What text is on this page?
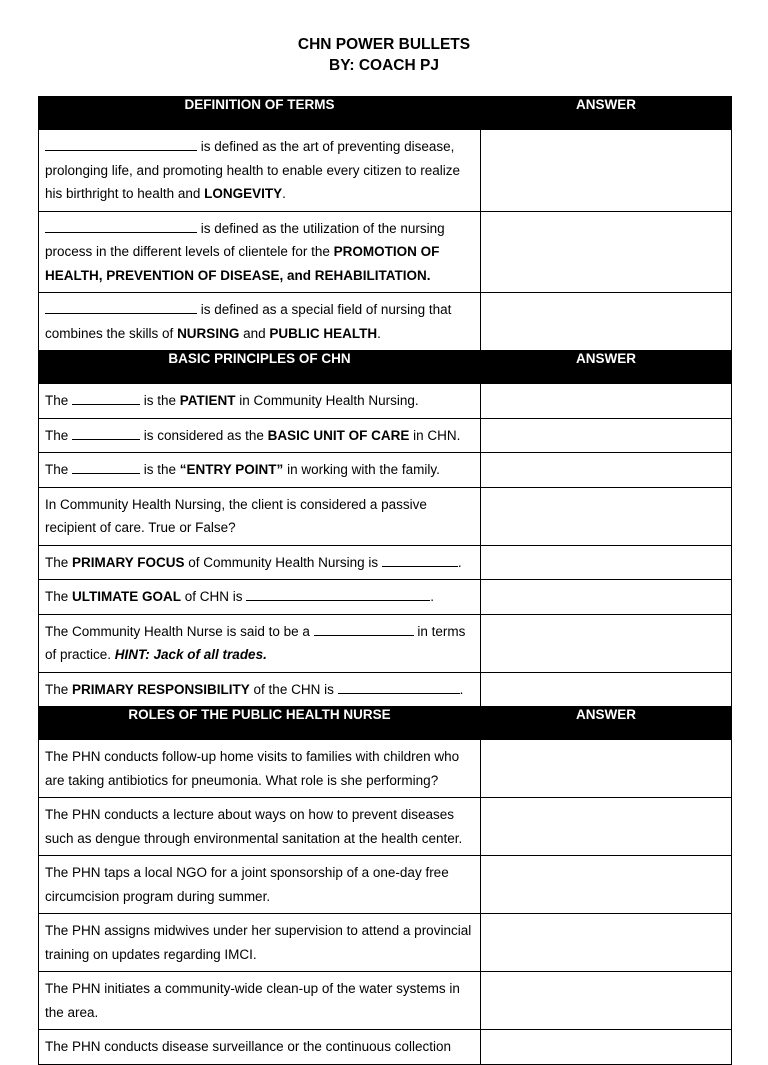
CHN POWER BULLETS
BY: COACH PJ
DEFINITION OF TERMS	ANSWER
is defined as the art of preventing disease, prolonging life, and promoting health to enable every citizen to realize his birthright to health and LONGEVITY.	
is defined as the utilization of the nursing process in the different levels of clientele for the PROMOTION OF HEALTH, PREVENTION OF DISEASE, and REHABILITATION.	
is defined as a special field of nursing that combines the skills of NURSING and PUBLIC HEALTH.	
BASIC PRINCIPLES OF CHN	ANSWER
The is the PATIENT in Community Health Nursing.	
The is considered as the BASIC UNIT OF CARE in CHN.	
The is the “ENTRY POINT” in working with the family.	
In Community Health Nursing, the client is considered a passive recipient of care. True or False?	
The PRIMARY FOCUS of Community Health Nursing is .	
The ULTIMATE GOAL of CHN is .	
The Community Health Nurse is said to be a in terms of practice. HINT: Jack of all trades.	
The PRIMARY RESPONSIBILITY of the CHN is .	
ROLES OF THE PUBLIC HEALTH NURSE	ANSWER
The PHN conducts follow-up home visits to families with children who are taking antibiotics for pneumonia. What role is she performing?	
The PHN conducts a lecture about ways on how to prevent diseases such as dengue through environmental sanitation at the health center.	
The PHN taps a local NGO for a joint sponsorship of a one-day free circumcision program during summer.	
The PHN assigns midwives under her supervision to attend a provincial training on updates regarding IMCI.	
The PHN initiates a community-wide clean-up of the water systems in the area.	
The PHN conducts disease surveillance or the continuous collection	
